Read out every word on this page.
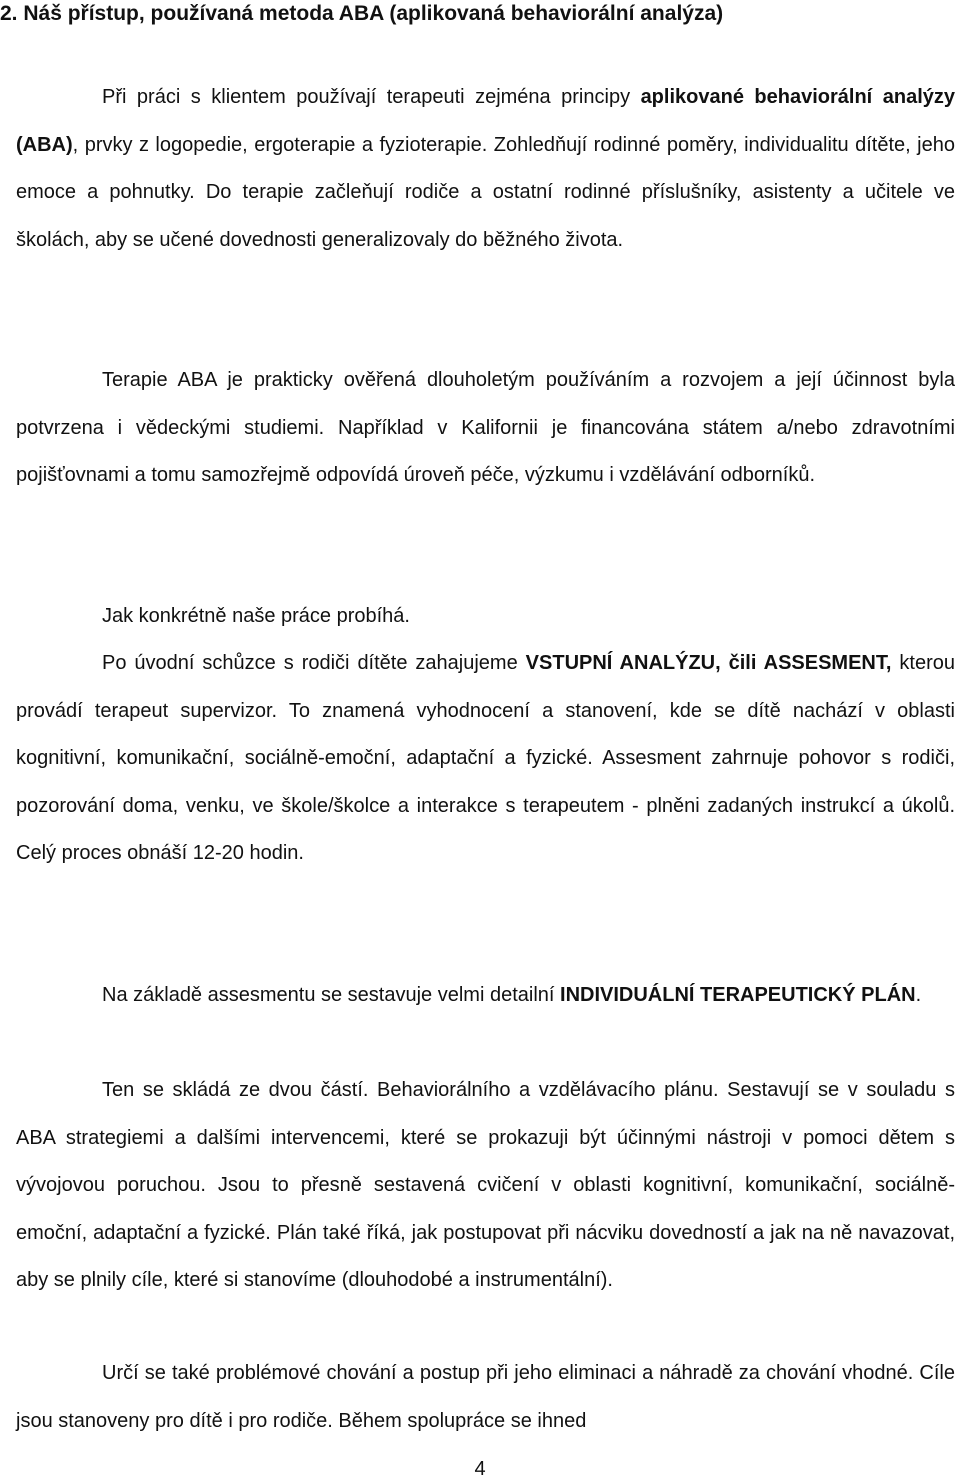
2. Náš přístup, používaná metoda ABA (aplikovaná behaviorální analýza)

Při práci s klientem používají terapeuti zejména principy aplikované behaviorální analýzy (ABA), prvky z logopedie, ergoterapie a fyzioterapie. Zohledňují rodinné poměry, individualitu dítěte, jeho emoce a pohnutky. Do terapie začleňují rodiče a ostatní rodinné příslušníky, asistenty a učitele ve školách, aby se učené dovednosti generalizovaly do běžného života.

Terapie ABA je prakticky ověřená dlouholetým používáním a rozvojem a její účinnost byla potvrzena i vědeckými studiemi. Například v Kalifornii je financována státem a/nebo zdravotními pojišťovnami a tomu samozřejmě odpovídá úroveň péče, výzkumu i vzdělávání odborníků.

Jak konkrétně naše práce probíhá.

Po úvodní schůzce s rodiči dítěte zahajujeme VSTUPNÍ ANALÝZU, čili ASSESMENT, kterou provádí terapeut supervizor. To znamená vyhodnocení a stanovení, kde se dítě nachází v oblasti kognitivní, komunikační, sociálně-emoční, adaptační a fyzické. Assesment zahrnuje pohovor s rodiči, pozorování doma, venku, ve škole/školce a interakce s terapeutem - plněni zadaných instrukcí a úkolů. Celý proces obnáší 12-20 hodin.

Na základě assesmentu se sestavuje velmi detailní INDIVIDUÁLNÍ TERAPEUTICKÝ PLÁN.

Ten se skládá ze dvou částí. Behaviorálního a vzdělávacího plánu. Sestavují se v souladu s ABA strategiemi a dalšími intervencemi, které se prokazuji být účinnými nástroji v pomoci dětem s vývojovou poruchou. Jsou to přesně sestavená cvičení v oblasti kognitivní, komunikační, sociálně-emoční, adaptační a fyzické. Plán také říká, jak postupovat při nácviku dovedností a jak na ně navazovat, aby se plnily cíle, které si stanovíme (dlouhodobé a instrumentální).

Určí se také problémové chování a postup při jeho eliminaci a náhradě za chování vhodné. Cíle jsou stanoveny pro dítě i pro rodiče. Během spolupráce se ihned

4
